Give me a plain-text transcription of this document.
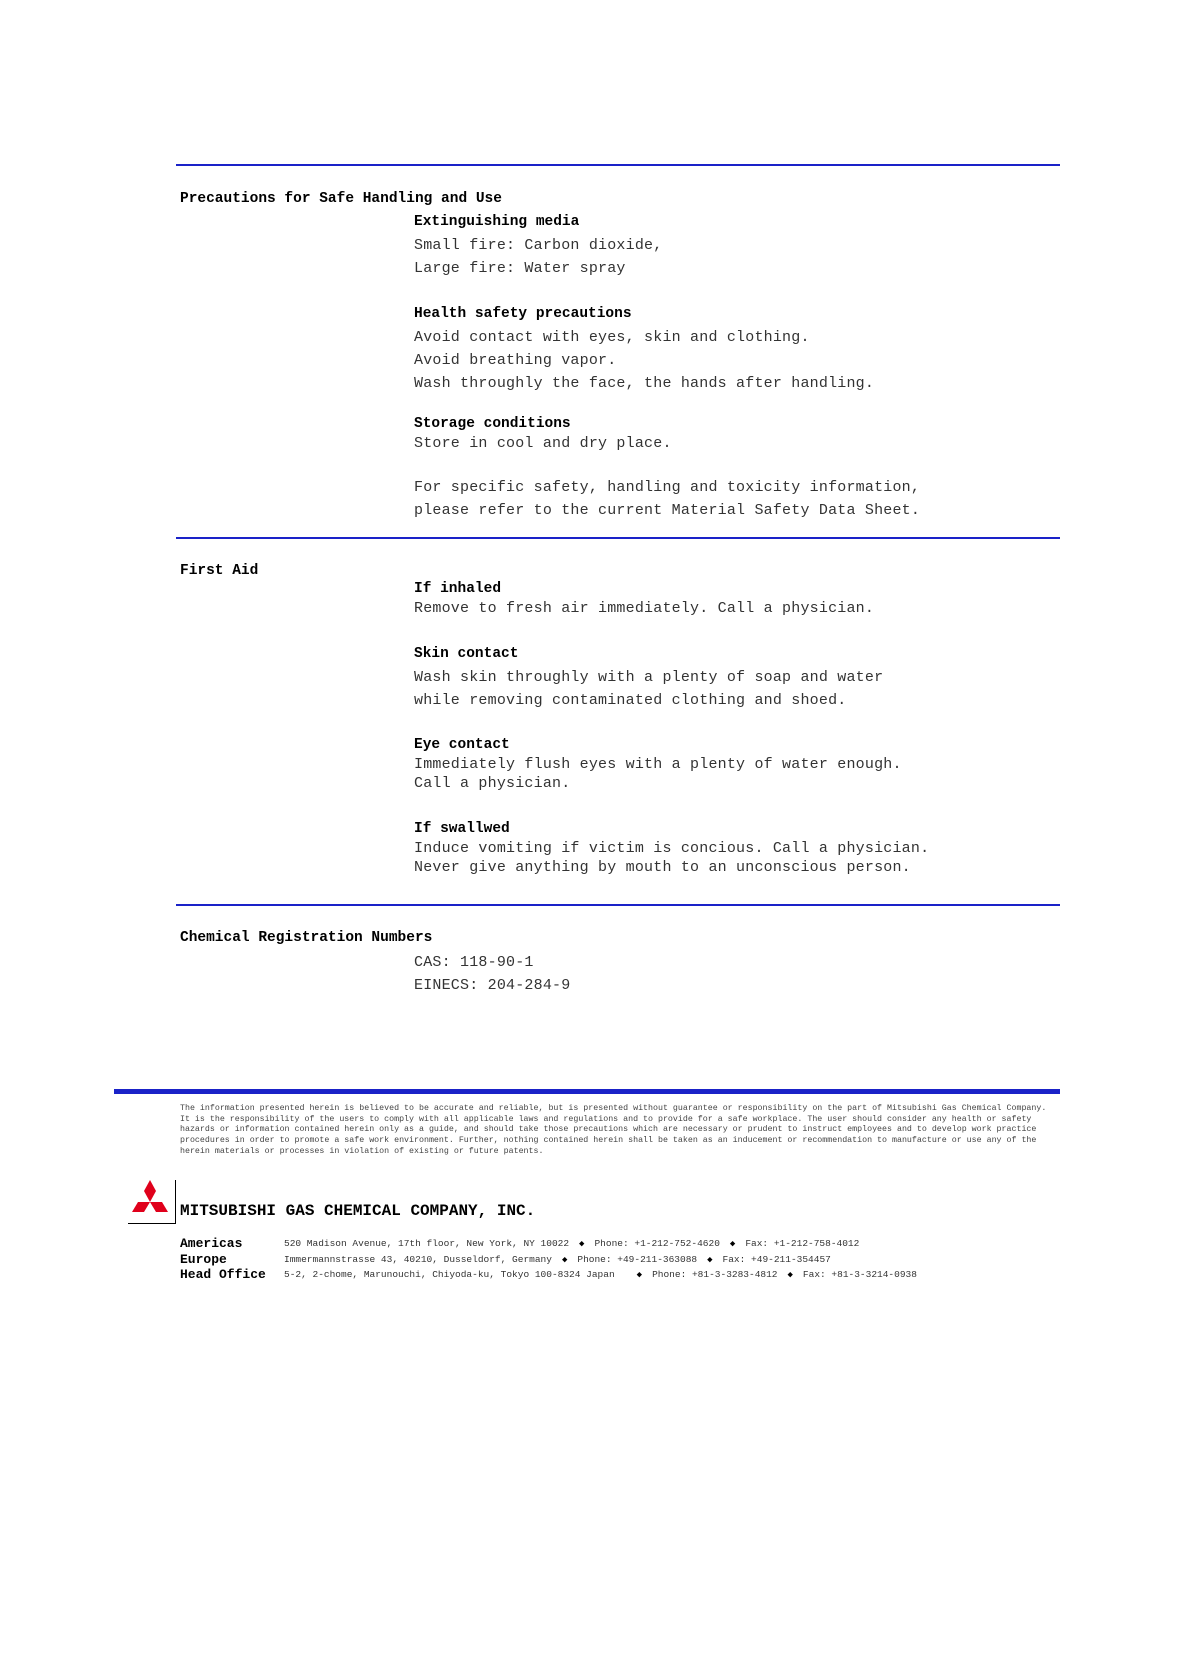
Precautions for Safe Handling and Use
Extinguishing media
Small fire: Carbon dioxide,
Large fire: Water spray
Health safety precautions
Avoid contact with eyes, skin and clothing.
Avoid breathing vapor.
Wash throughly the face, the hands after handling.
Storage conditions
Store in cool and dry place.
For specific safety, handling and toxicity information,
please refer to the current Material Safety Data Sheet.
First Aid
If inhaled
Remove to fresh air immediately. Call a physician.
Skin contact
Wash skin throughly with a plenty of soap and water
while removing contaminated clothing and shoed.
Eye contact
Immediately flush eyes with a plenty of water enough.
Call a physician.
If swallwed
Induce vomiting if victim is concious. Call a physician.
Never give anything by mouth to an unconscious person.
Chemical Registration Numbers
CAS: 118-90-1
EINECS: 204-284-9
The information presented herein is believed to be accurate and reliable, but is presented without guarantee or responsibility on the part of Mitsubishi Gas Chemical Company. It is the responsibility of the users to comply with all applicable laws and regulations and to provide for a safe workplace. The user should consider any health or safety hazards or information contained herein only as a guide, and should take those precautions which are necessary or prudent to instruct employees and to develop work practice procedures in order to promote a safe work environment. Further, nothing contained herein shall be taken as an inducement or recommendation to manufacture or use any of the herein materials or processes in violation of existing or future patents.
MITSUBISHI GAS CHEMICAL COMPANY, INC.
Americas	520 Madison Avenue, 17th floor, New York, NY 10022 ◆ Phone: +1-212-752-4620 ◆ Fax: +1-212-758-4012
Europe	Immermannstrasse 43, 40210, Dusseldorf, Germany ◆ Phone: +49-211-363088 ◆ Fax: +49-211-354457
Head Office 5-2, 2-chome, Marunouchi, Chiyoda-ku, Tokyo 100-8324 Japan ◆ Phone: +81-3-3283-4812 ◆ Fax: +81-3-3214-0938
